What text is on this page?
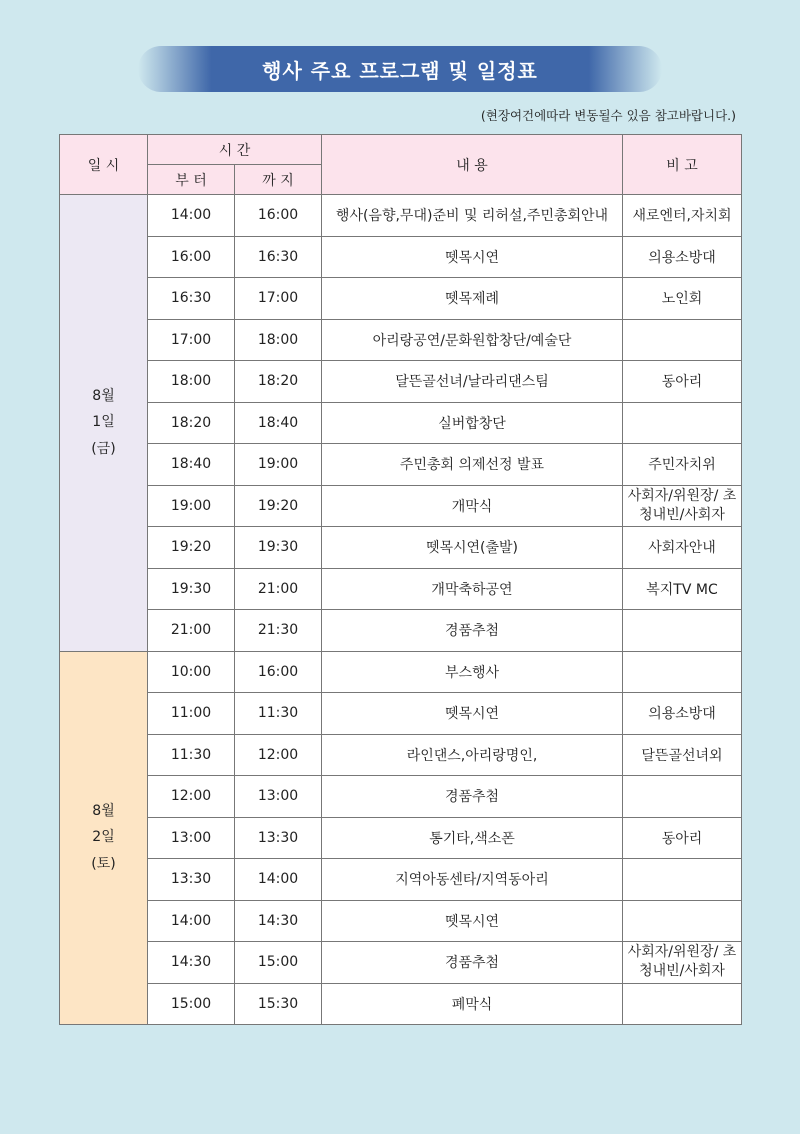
행사 주요 프로그램 및 일정표
(현장여건에따라 변동될수 있음 참고바랍니다.)
일 시	시 간		내 용	비 고
	부 터	까 지		

8월
1일
(금)	14:00	16:00	행사(음향,무대)준비 및 리허설,주민총회안내	새로엔터,자치회
	16:00	16:30	뗏목시연	의용소방대
	16:30	17:00	뗏목제례	노인회
	17:00	18:00	아리랑공연/문화원합창단/예술단	
	18:00	18:20	달뜬골선녀/날라리댄스팀	동아리
	18:20	18:40	실버합창단	
	18:40	19:00	주민총회 의제선정 발표	주민자치위
	19:00	19:20	개막식	사회자/위원장/ 초청내빈/사회자
	19:20	19:30	뗏목시연(출발)	사회자안내
	19:30	21:00	개막축하공연	복지TV MC
	21:00	21:30	경품추첨	

8월
2일
(토)	10:00	16:00	부스행사	
	11:00	11:30	뗏목시연	의용소방대
	11:30	12:00	라인댄스,아리랑명인,	달뜬골선녀외
	12:00	13:00	경품추첨	
	13:00	13:30	통기타,색소폰	동아리
	13:30	14:00	지역아동센타/지역동아리	
	14:00	14:30	뗏목시연	
	14:30	15:00	경품추첨	사회자/위원장/ 초청내빈/사회자
	15:00	15:30	폐막식	
